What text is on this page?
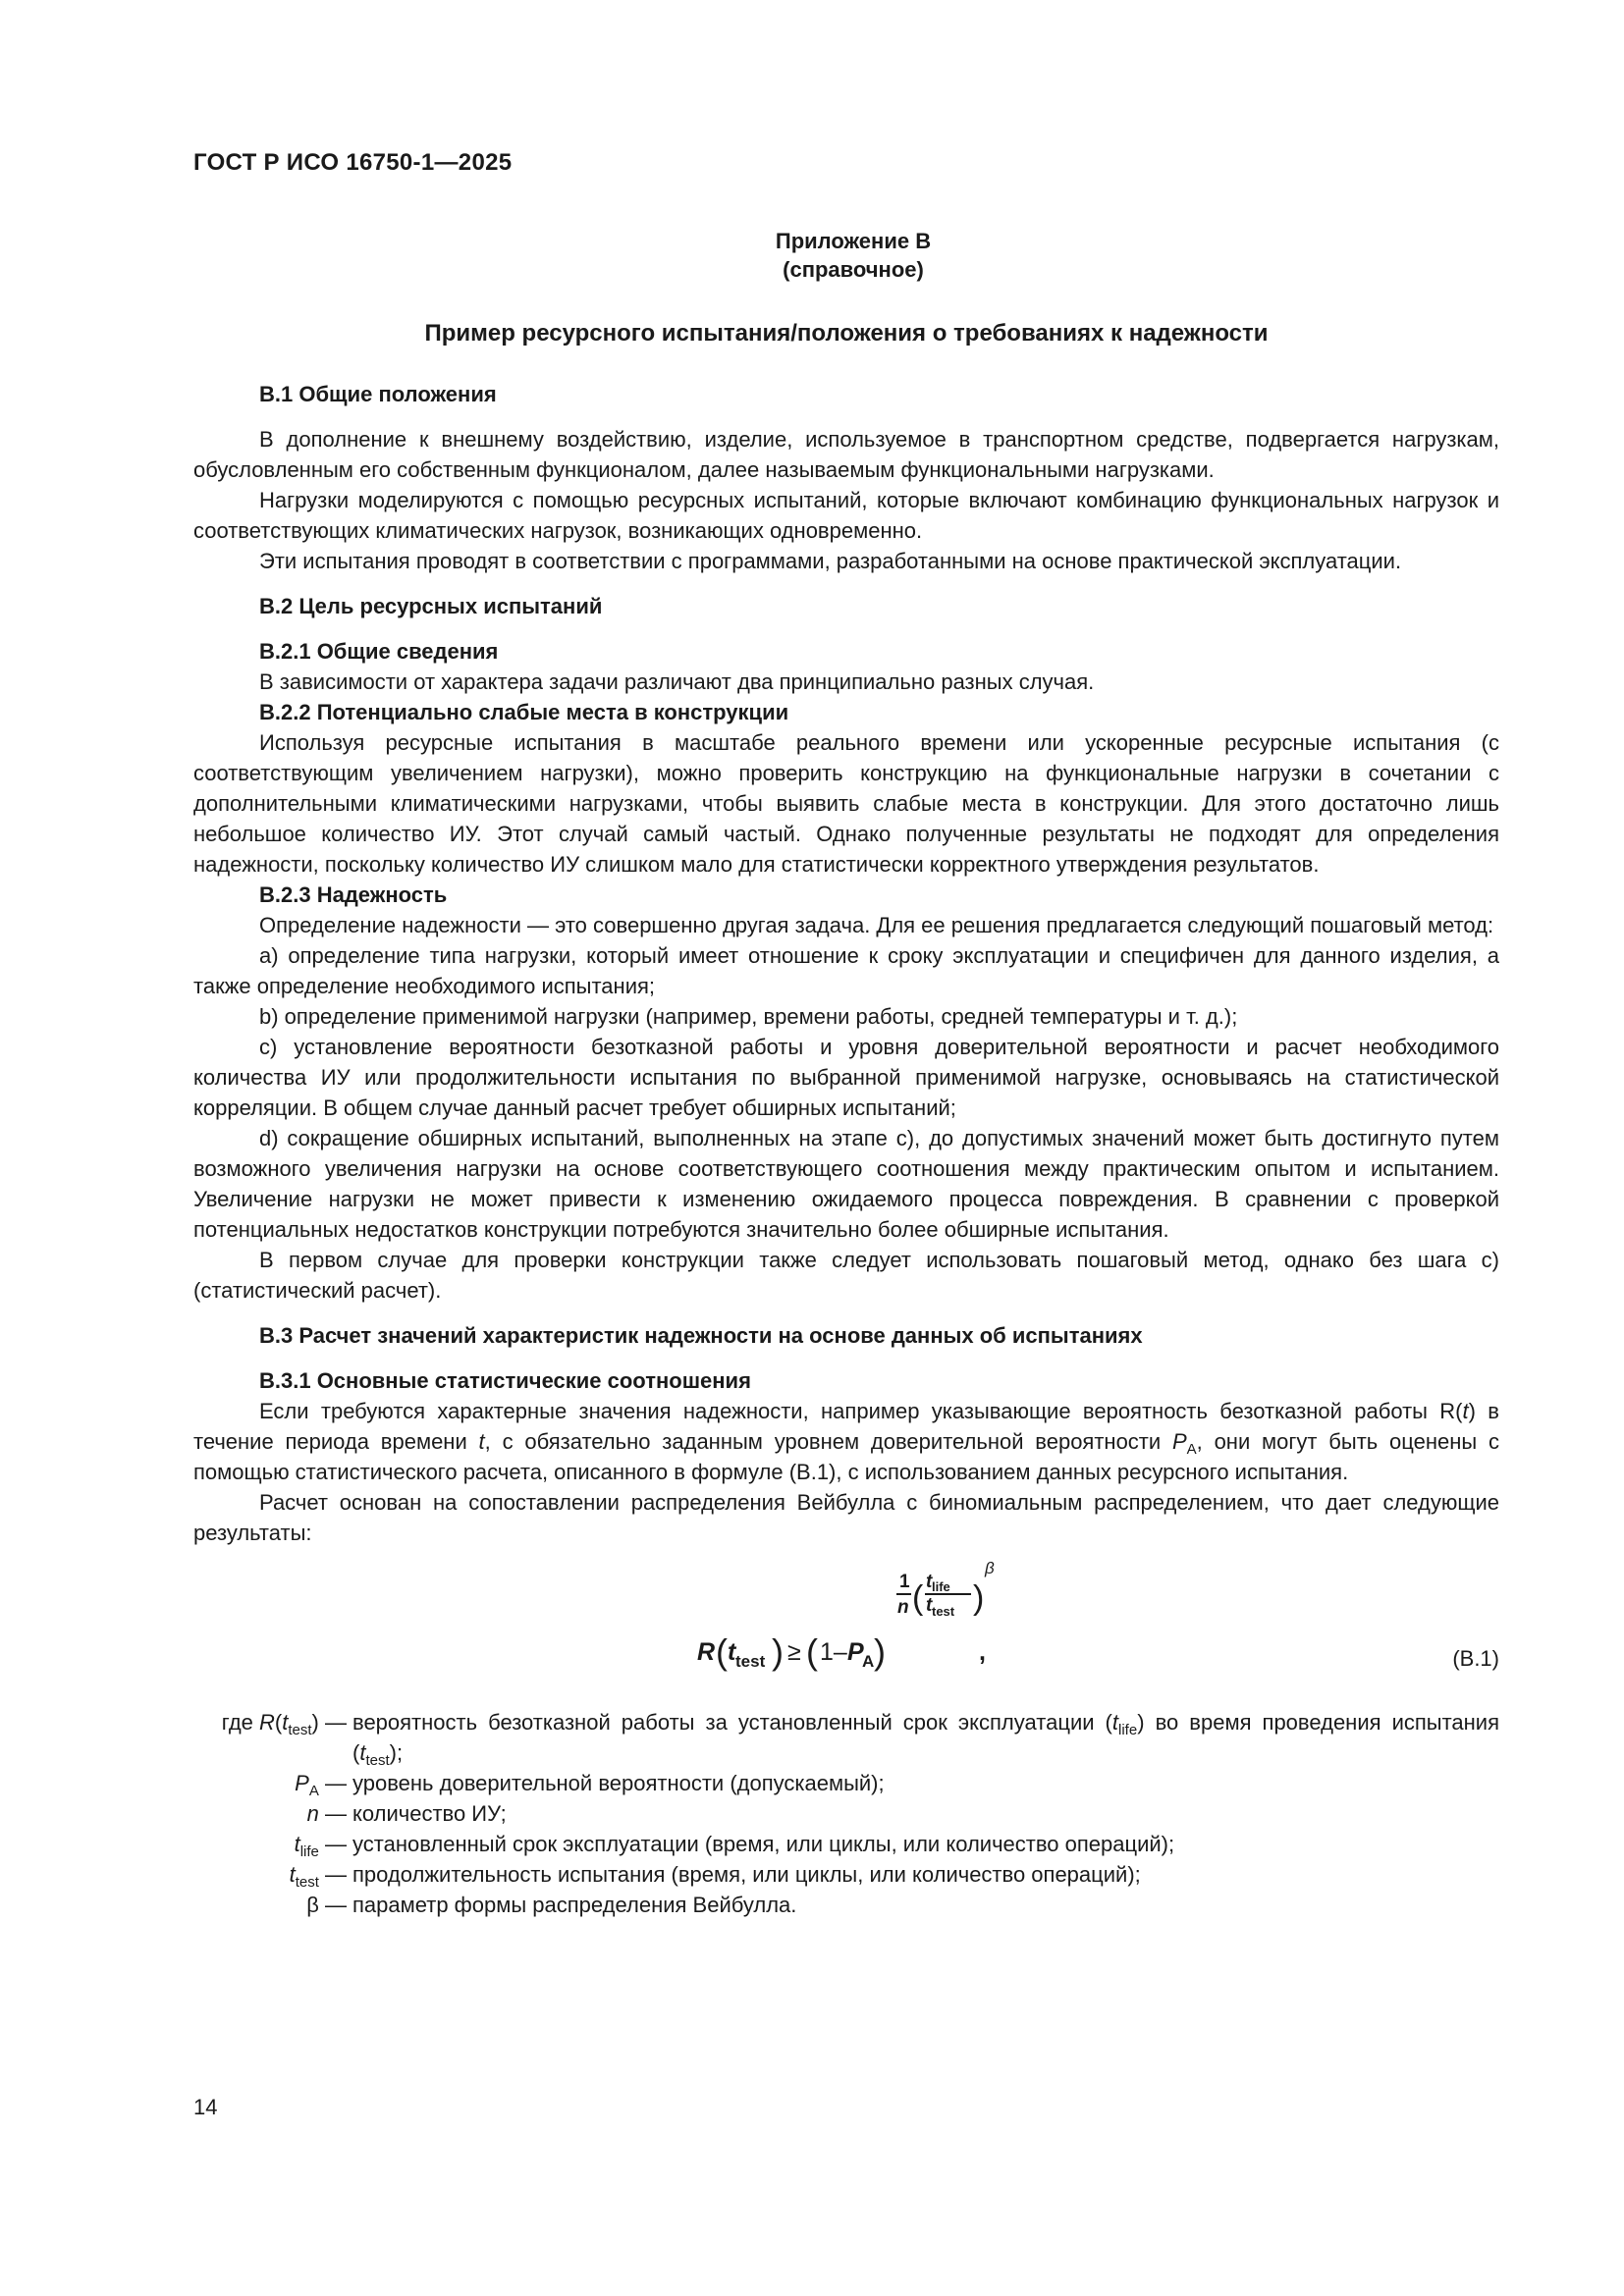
ГОСТ Р ИСО 16750-1—2025
Приложение В
(справочное)
Пример ресурсного испытания/положения о требованиях к надежности

В.1 Общие положения

В дополнение к внешнему воздействию, изделие, используемое в транспортном средстве, подвергается нагрузкам, обусловленным его собственным функционалом, далее называемым функциональными нагрузками.

Нагрузки моделируются с помощью ресурсных испытаний, которые включают комбинацию функциональных нагрузок и соответствующих климатических нагрузок, возникающих одновременно.

Эти испытания проводят в соответствии с программами, разработанными на основе практической эксплуатации.

В.2 Цель ресурсных испытаний

В.2.1 Общие сведения

В зависимости от характера задачи различают два принципиально разных случая.

В.2.2 Потенциально слабые места в конструкции

Используя ресурсные испытания в масштабе реального времени или ускоренные ресурсные испытания (с соответствующим увеличением нагрузки), можно проверить конструкцию на функциональные нагрузки в сочетании с дополнительными климатическими нагрузками, чтобы выявить слабые места в конструкции. Для этого достаточно лишь небольшое количество ИУ. Этот случай самый частый. Однако полученные результаты не подходят для определения надежности, поскольку количество ИУ слишком мало для статистически корректного утверждения результатов.

В.2.3 Надежность

Определение надежности — это совершенно другая задача. Для ее решения предлагается следующий пошаговый метод:

a) определение типа нагрузки, который имеет отношение к сроку эксплуатации и специфичен для данного изделия, а также определение необходимого испытания;

b) определение применимой нагрузки (например, времени работы, средней температуры и т. д.);

c) установление вероятности безотказной работы и уровня доверительной вероятности и расчет необходимого количества ИУ или продолжительности испытания по выбранной применимой нагрузке, основываясь на статистической корреляции. В общем случае данный расчет требует обширных испытаний;

d) сокращение обширных испытаний, выполненных на этапе c), до допустимых значений может быть достигнуто путем возможного увеличения нагрузки на основе соответствующего соотношения между практическим опытом и испытанием. Увеличение нагрузки не может привести к изменению ожидаемого процесса повреждения. В сравнении с проверкой потенциальных недостатков конструкции потребуются значительно более обширные испытания.

В первом случае для проверки конструкции также следует использовать пошаговый метод, однако без шага c) (статистический расчет).

В.3 Расчет значений характеристик надежности на основе данных об испытаниях

В.3.1 Основные статистические соотношения

Если требуются характерные значения надежности, например указывающие вероятность безотказной работы R(t) в течение периода времени t, с обязательно заданным уровнем доверительной вероятности $P_A$, они могут быть оценены с помощью статистического расчета, описанного в формуле (В.1), с использованием данных ресурсного испытания.

Расчет основан на сопоставлении распределения Вейбулла с биномиальным распределением, что дает следующие результаты:

R ( t test ) ≥ ( 1– P
A )
1
n ( t life
t test )
β
,	(В.1)
где $R(t_{test})$ — вероятность безотказной работы за установленный срок эксплуатации $(t_{life})$ во время проведения испытания $(t_{test})$;
$P_A$ — уровень доверительной вероятности (допускаемый);
n — количество ИУ;
$t_{life}$ — установленный срок эксплуатации (время, или циклы, или количество операций);
$t_{test}$ — продолжительность испытания (время, или циклы, или количество операций);
β — параметр формы распределения Вейбулла.
14
